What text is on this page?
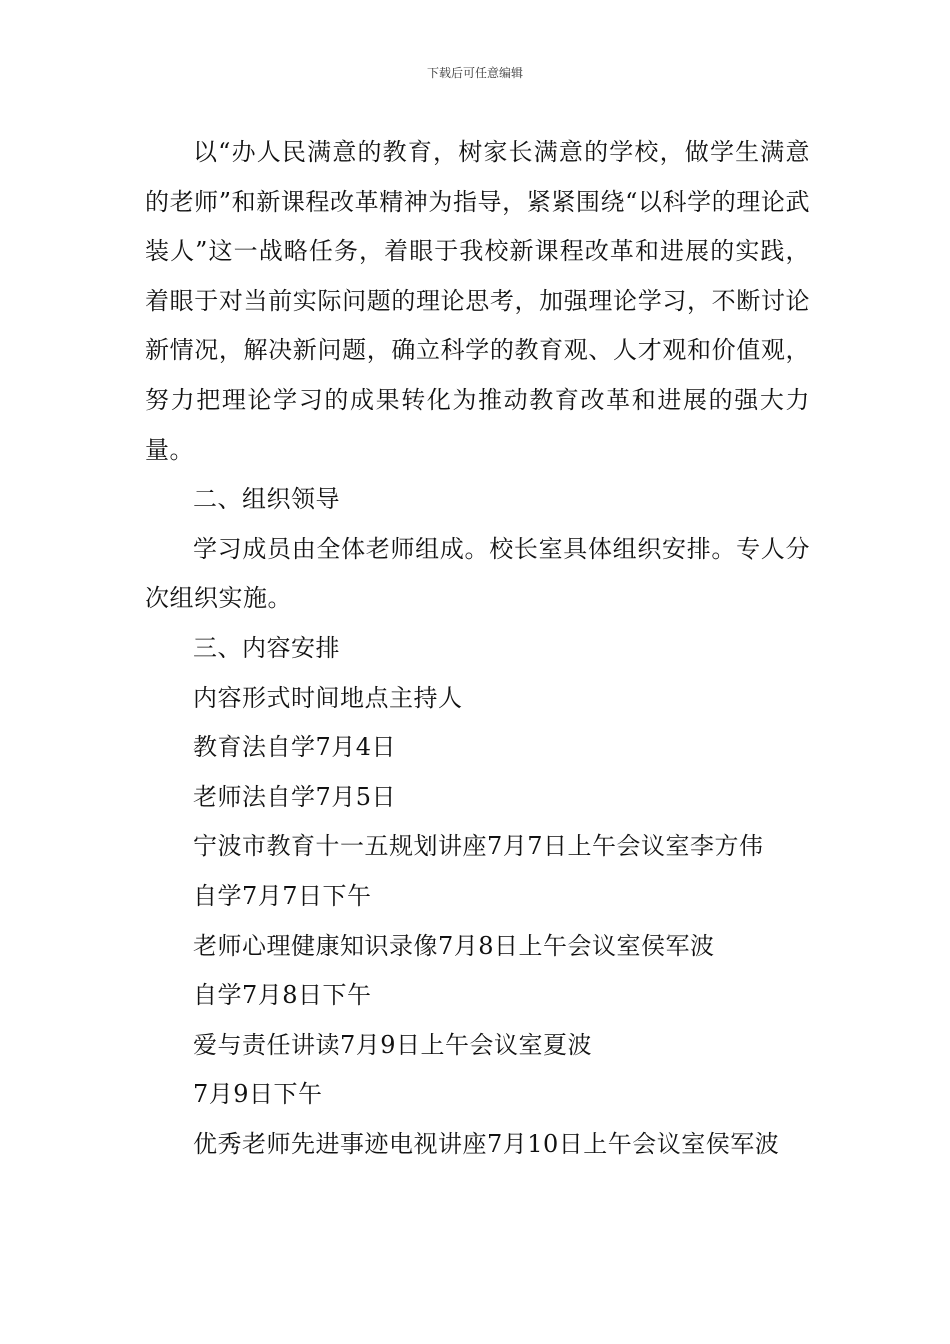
下载后可任意编辑

以“办人民满意的教育，树家长满意的学校，做学生满意的老师”和新课程改革精神为指导，紧紧围绕“以科学的理论武装人”这一战略任务，着眼于我校新课程改革和进展的实践，着眼于对当前实际问题的理论思考，加强理论学习，不断讨论新情况，解决新问题，确立科学的教育观、人才观和价值观，努力把理论学习的成果转化为推动教育改革和进展的强大力量。

二、组织领导

学习成员由全体老师组成。校长室具体组织安排。专人分次组织实施。

三、内容安排

内容形式时间地点主持人

教育法自学7月4日

老师法自学7月5日

宁波市教育十一五规划讲座7月7日上午会议室李方伟

自学7月7日下午

老师心理健康知识录像7月8日上午会议室侯军波

自学7月8日下午

爱与责任讲读7月9日上午会议室夏波

7月9日下午

优秀老师先进事迹电视讲座7月10日上午会议室侯军波
